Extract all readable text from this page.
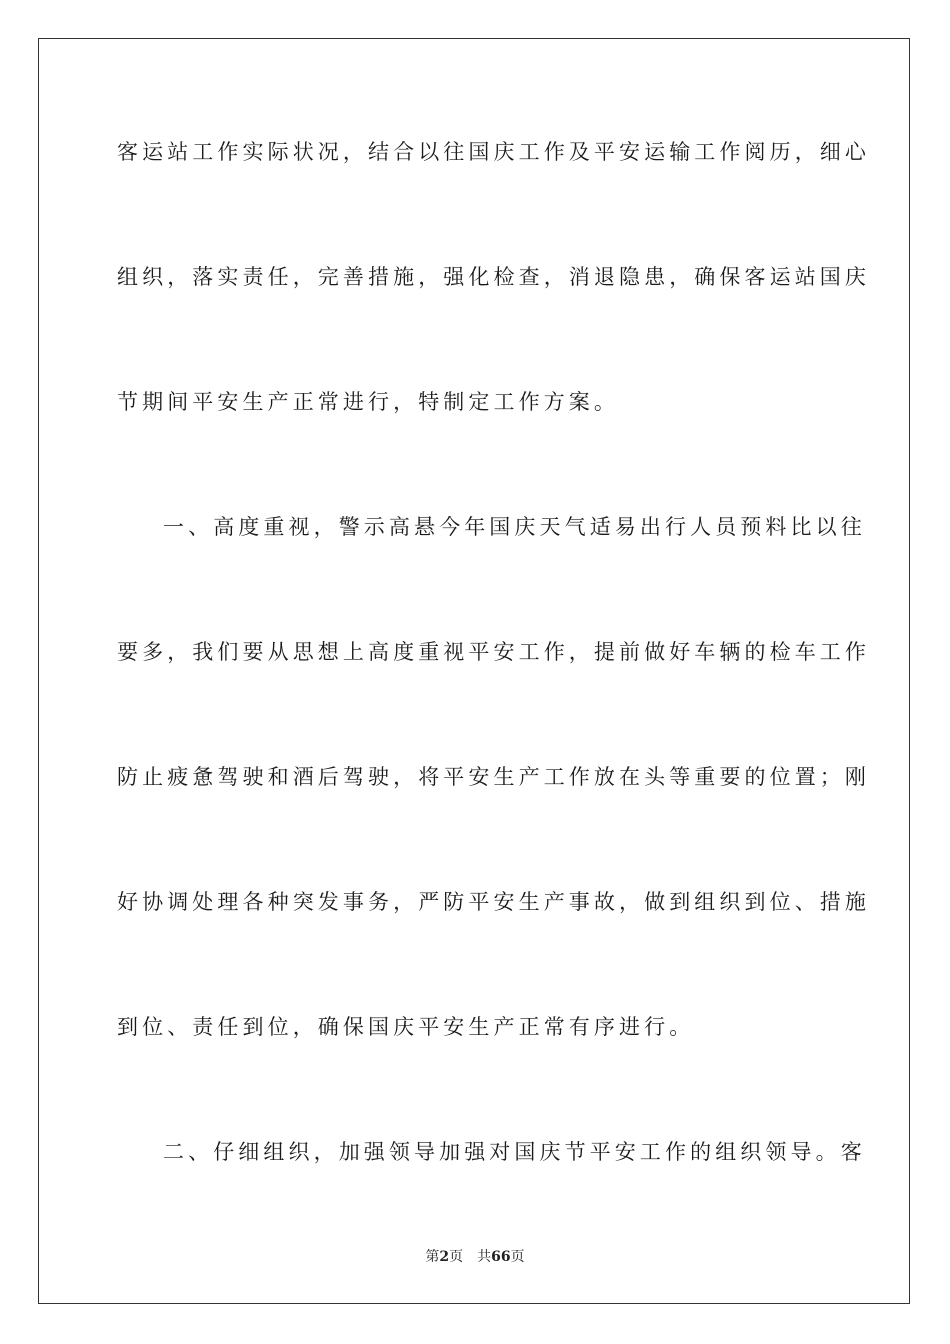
客运站工作实际状况，结合以往国庆工作及平安运输工作阅历，细心
组织，落实责任，完善措施，强化检查，消退隐患，确保客运站国庆
节期间平安生产正常进行，特制定工作方案。
一、高度重视，警示高悬今年国庆天气适易出行人员预料比以往
要多，我们要从思想上高度重视平安工作，提前做好车辆的检车工作
防止疲惫驾驶和酒后驾驶，将平安生产工作放在头等重要的位置；刚
好协调处理各种突发事务，严防平安生产事故，做到组织到位、措施
到位、责任到位，确保国庆平安生产正常有序进行。
二、仔细组织，加强领导加强对国庆节平安工作的组织领导。客
第2页 共66页
